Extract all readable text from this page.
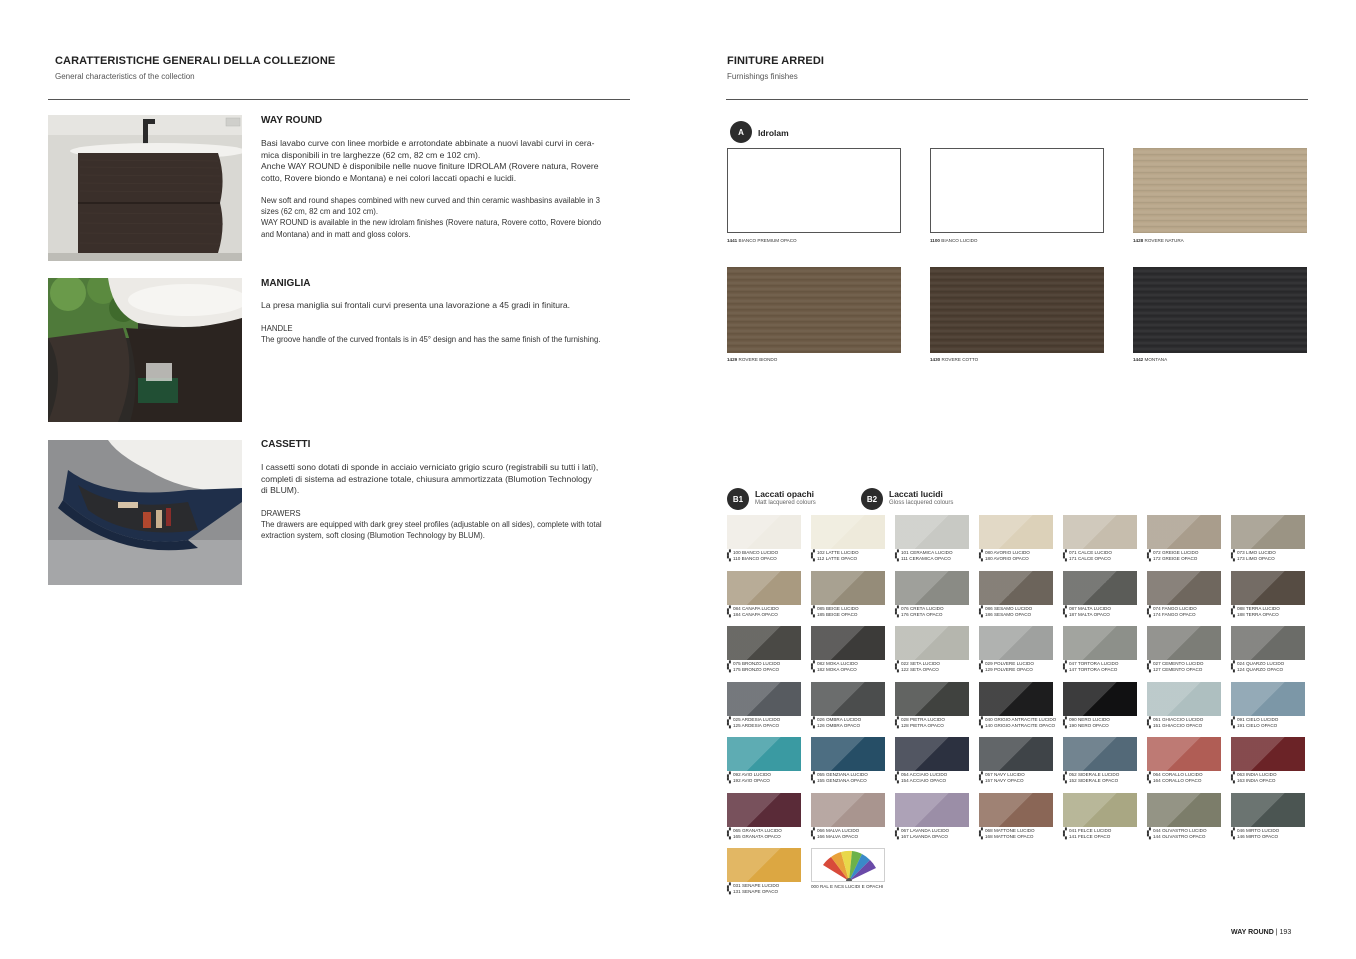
CARATTERISTICHE GENERALI DELLA COLLEZIONE
General characteristics of the collection
WAY ROUND
Basi lavabo curve con linee morbide e arrotondate abbinate a nuovi lavabi curvi in cera-
mica disponibili in tre larghezze (62 cm, 82 cm e 102 cm).
Anche WAY ROUND è disponibile nelle nuove finiture IDROLAM (Rovere natura, Rovere
cotto, Rovere biondo e Montana) e nei colori laccati opachi e lucidi.
New soft and round shapes combined with new curved and thin ceramic washbasins available in 3
sizes (62 cm, 82 cm and 102 cm).
WAY ROUND is available in the new idrolam finishes (Rovere natura, Rovere cotto, Rovere biondo
and Montana) and in matt and gloss colors.
MANIGLIA
La presa maniglia sui frontali curvi presenta una lavorazione a 45 gradi in finitura.
HANDLE
The groove handle of the curved frontals is in 45° design and has the same finish of the furnishing.
CASSETTI
I cassetti sono dotati di sponde in acciaio verniciato grigio scuro (registrabili su tutti i lati),
completi di sistema ad estrazione totale, chiusura ammortizzata (Blumotion Technology
di BLUM).
DRAWERS
The drawers are equipped with dark grey steel profiles (adjustable on all sides), complete with total
extraction system, soft closing (Blumotion Technology by BLUM).
FINITURE ARREDI
Furnishings finishes
A	Idrolam
1441 BIANCO PREMIUM OPACO	1100 BIANCO LUCIDO	1428 ROVERE NATURA
1429 ROVERE BIONDO	1430 ROVERE COTTO	1442 MONTANA
B1	Laccati opachi
Matt lacquered colours	B2	Laccati lucidi
Gloss lacquered colours
▞ 100 BIANCO LUCIDO
▚ 110 BIANCO OPACO
▞ 102 LATTE LUCIDO
▚ 112 LATTE OPACO
▞ 101 CERAMICA LUCIDO
▚ 111 CERAMICA OPACO
▞ 080 AVORIO LUCIDO
▚ 180 AVORIO OPACO
▞ 071 CALCE LUCIDO
▚ 171 CALCE OPACO
▞ 072 GREIGE LUCIDO
▚ 172 GREIGE OPACO
▞ 073 LIMO LUCIDO
▚ 173 LIMO OPACO
▞ 084 CANAPA LUCIDO
▚ 184 CANAPA OPACO
▞ 085 BEIGE LUCIDO
▚ 185 BEIGE OPACO
▞ 076 CRETA LUCIDO
▚ 176 CRETA OPACO
▞ 086 SESAMO LUCIDO
▚ 186 SESAMO OPACO
▞ 087 MALTA LUCIDO
▚ 187 MALTA OPACO
▞ 074 FANGO LUCIDO
▚ 174 FANGO OPACO
▞ 088 TERRA LUCIDO
▚ 188 TERRA OPACO
▞ 075 BRONZO LUCIDO
▚ 175 BRONZO OPACO
▞ 082 MOKA LUCIDO
▚ 182 MOKA OPACO
▞ 022 SETA LUCIDO
▚ 122 SETA OPACO
▞ 029 POLVERE LUCIDO
▚ 129 POLVERE OPACO
▞ 047 TORTORA LUCIDO
▚ 147 TORTORA OPACO
▞ 027 CEMENTO LUCIDO
▚ 127 CEMENTO OPACO
▞ 024 QUARZO LUCIDO
▚ 124 QUARZO OPACO
▞ 025 ARDESIA LUCIDO
▚ 125 ARDESIA OPACO
▞ 026 OMBRA LUCIDO
▚ 126 OMBRA OPACO
▞ 028 PIETRA LUCIDO
▚ 128 PIETRA OPACO
▞ 040 GRIGIO ANTRACITE LUCIDO
▚ 140 GRIGIO ANTRACITE OPACO
▞ 090 NERO LUCIDO
▚ 190 NERO OPACO
▞ 051 GHIACCIO LUCIDO
▚ 151 GHIACCIO OPACO
▞ 091 CIELO LUCIDO
▚ 191 CIELO OPACO
▞ 092 AVIO LUCIDO
▚ 192 AVIO OPACO
▞ 055 GENZIANA LUCIDO
▚ 155 GENZIANA OPACO
▞ 054 ACCIAIO LUCIDO
▚ 154 ACCIAIO OPACO
▞ 057 NAVY LUCIDO
▚ 157 NAVY OPACO
▞ 052 SIDERALE LUCIDO
▚ 152 SIDERALE OPACO
▞ 064 CORALLO LUCIDO
▚ 164 CORALLO OPACO
▞ 063 INDIA LUCIDO
▚ 163 INDIA OPACO
▞ 065 GRANATA LUCIDO
▚ 165 GRANATA OPACO
▞ 066 MALVA LUCIDO
▚ 166 MALVA OPACO
▞ 067 LAVANDA LUCIDO
▚ 167 LAVANDA OPACO
▞ 068 MATTONE LUCIDO
▚ 168 MATTONE OPACO
▞ 041 FELCE LUCIDO
▚ 141 FELCE OPACO
▞ 044 OLIVASTRO LUCIDO
▚ 144 OLIVASTRO OPACO
▞ 046 MIRTO LUCIDO
▚ 146 MIRTO OPACO
▞ 031 SENAPE LUCIDO
▚ 131 SENAPE OPACO
000 RAL E NCS LUCIDI E OPACHI
WAY ROUND | 193
